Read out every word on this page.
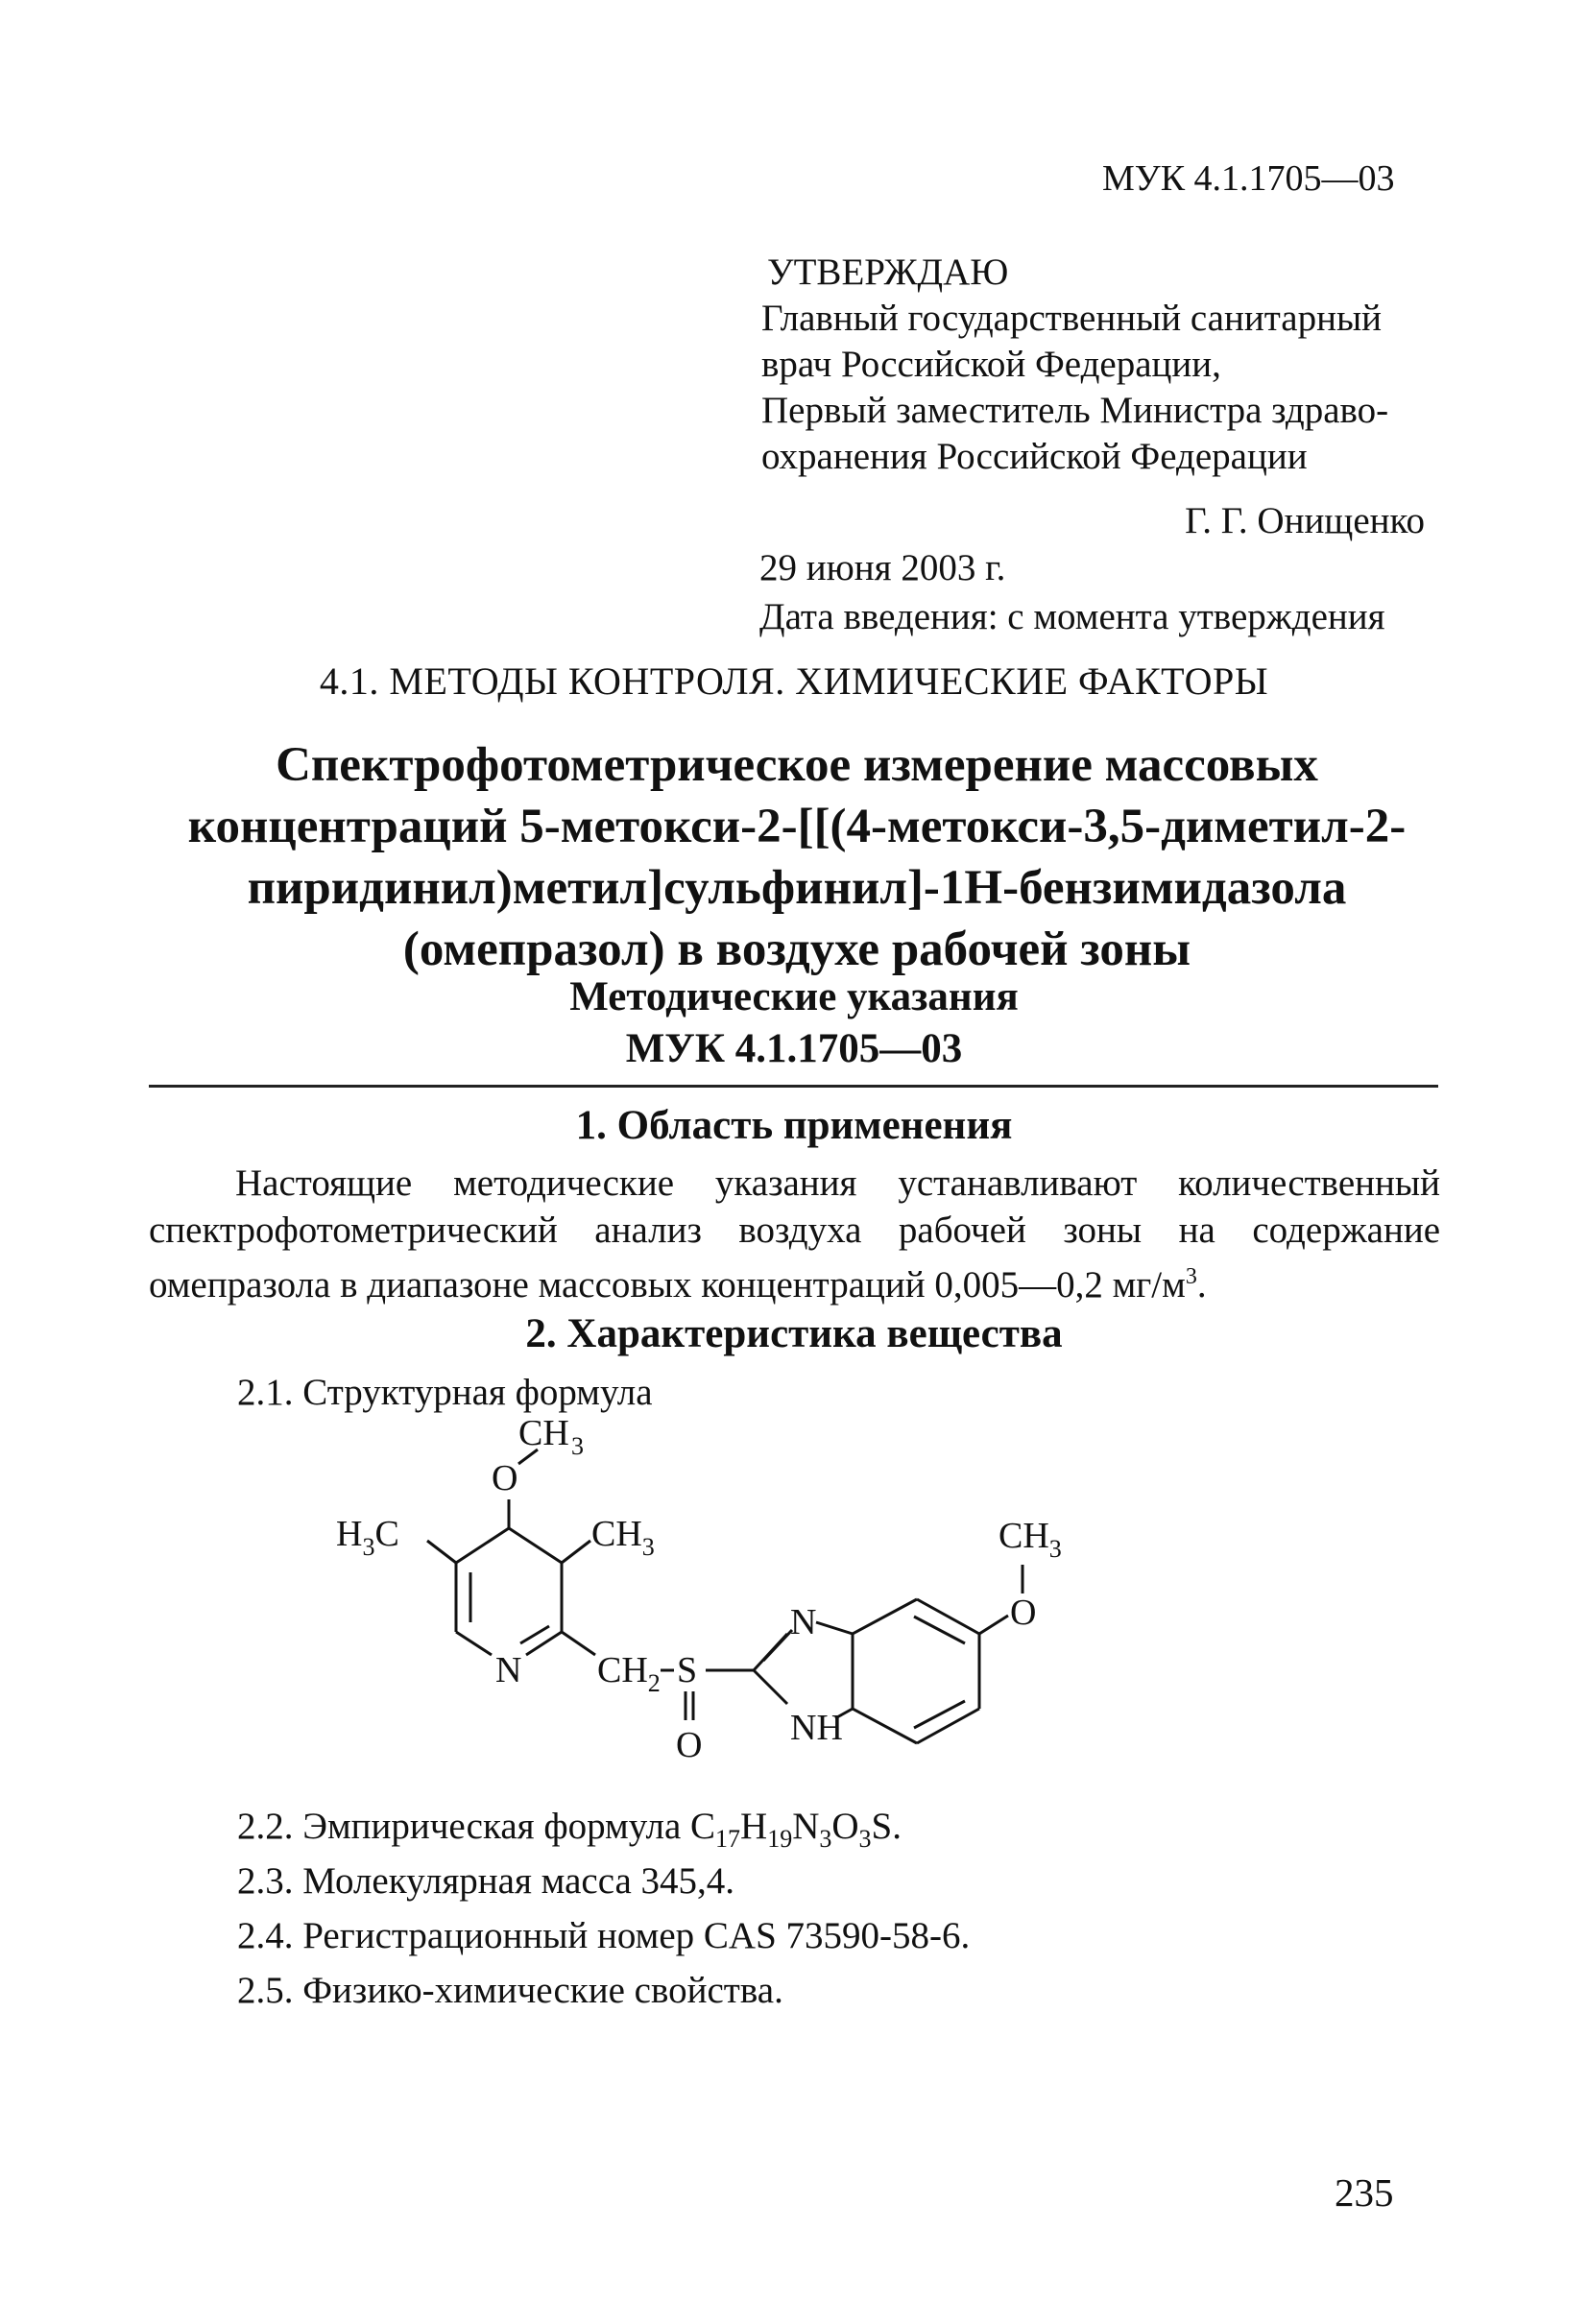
МУК 4.1.1705—03
УТВЕРЖДАЮ
Главный государственный санитарный
врач Российской Федерации,
Первый заместитель Министра здраво-
охранения Российской Федерации
Г. Г. Онищенко
29 июня 2003 г.
Дата введения: с момента утверждения
4.1. МЕТОДЫ КОНТРОЛЯ. ХИМИЧЕСКИЕ ФАКТОРЫ
Спектрофотометрическое измерение массовых
концентраций 5-метокси-2-[[(4-метокси-3,5-диметил-2-
пиридинил)метил]сульфинил]-1Н-бензимидазола
(омепразол) в воздухе рабочей зоны
Методические указания
МУК 4.1.1705—03
1. Область применения

Настоящие методические указания устанавливают количественный спектрофотометрический анализ воздуха рабочей зоны на содержание омепразола в диапазоне массовых концентраций 0,005—0,2 $мг/м^3$.

2. Характеристика вещества
2.1. Структурная формула
CH 3
O
N
$H_3C$	$CH_3$
$CH_2$ S
O
N
NH
O
$CH_3$
2.2. Эмпирическая формула $C_{17}H_{19}N_3O_3S$.
2.3. Молекулярная масса 345,4.
2.4. Регистрационный номер CAS 73590-58-6.
2.5. Физико-химические свойства.
235
